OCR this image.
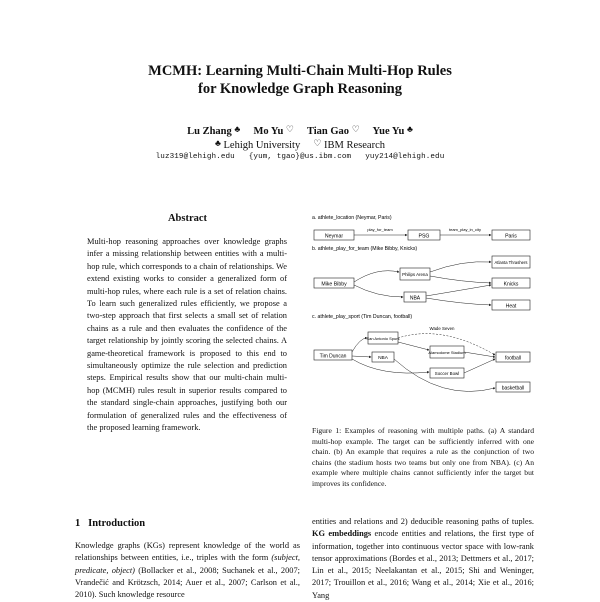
MCMH: Learning Multi-Chain Multi-Hop Rules
for Knowledge Graph Reasoning
Lu Zhang ♣ Mo Yu ♡ Tian Gao ♡ Yue Yu ♣
♣ Lehigh University ♡ IBM Research
luz319@lehigh.edu   {yum, tgao}@us.ibm.com   yuy214@lehigh.edu
Abstract
Multi-hop reasoning approaches over knowledge graphs infer a missing relationship between entities with a multi-hop rule, which corresponds to a chain of relationships. We extend existing works to consider a generalized form of multi-hop rules, where each rule is a set of relation chains. To learn such generalized rules efficiently, we propose a two-step approach that first selects a small set of relation chains as a rule and then evaluates the confidence of the target relationship by jointly scoring the selected chains. A game-theoretical framework is proposed to this end to simultaneously optimize the rule selection and prediction steps. Empirical results show that our multi-chain multi-hop (MCMH) rules result in superior results compared to the standard single-chain approaches, justifying both our formulation of generalized rules and the effectiveness of the proposed learning framework.
1 Introduction
Knowledge graphs (KGs) represent knowledge of the world as relationships between entities, i.e., triples with the form (subject, predicate, object) (Bollacker et al., 2008; Suchanek et al., 2007; Vrandečić and Krötzsch, 2014; Auer et al., 2007; Carlson et al., 2010). Such knowledge resource
a. athlete_location (Neymar, Paris)
Neymar	PSG	Paris
play_for_team	team_play_in_city
b. athlete_play_for_team (Mike Bibby, Knicks)
Mike Bibby
Philips Arena
NBA
Atlanta Thrashers
Knicks
Heat
c. athlete_play_sport (Tim Duncan, football)
Tim Duncan
San Antonio Spurs
NBA
Alamodome Stadium
Soccer Bowl
football
basketball
Wade Seven
Figure 1: Examples of reasoning with multiple paths. (a) A standard multi-hop example. The target can be sufficiently inferred with one chain. (b) An example that requires a rule as the conjunction of two chains (the stadium hosts two teams but only one from NBA). (c) An example where multiple chains cannot sufficiently infer the target but improves its confidence.
entities and relations and 2) deducible reasoning paths of tuples. KG embeddings encode entities and relations, the first type of information, together into continuous vector space with low-rank tensor approximations (Bordes et al., 2013; Dettmers et al., 2017; Lin et al., 2015; Neelakantan et al., 2015; Shi and Weninger, 2017; Trouillon et al., 2016; Wang et al., 2014; Xie et al., 2016; Yang
